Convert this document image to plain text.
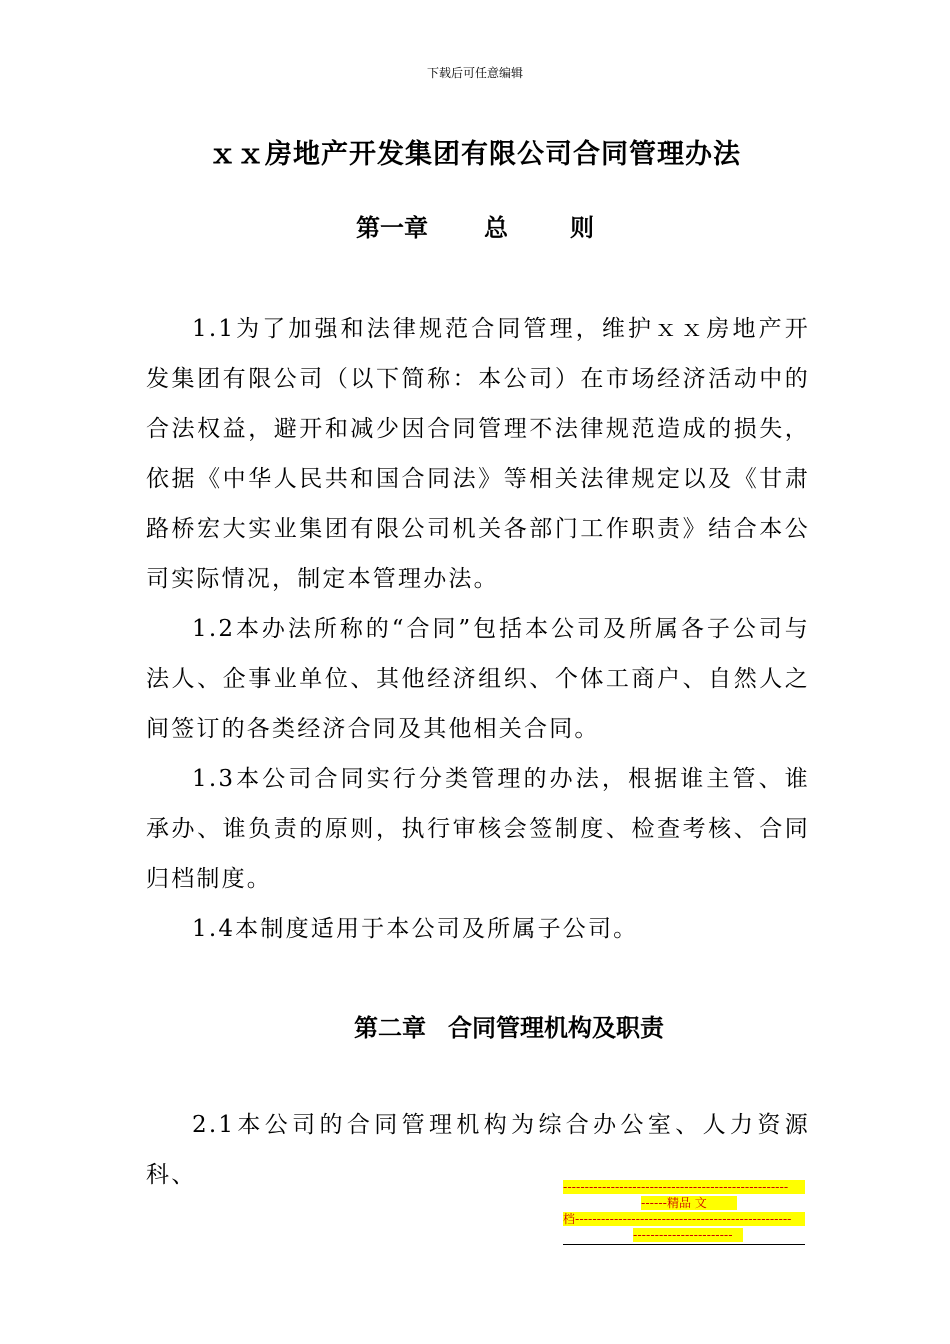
下载后可任意编辑
ｘｘ房地产开发集团有限公司合同管理办法
第一章 总	则

1.1为了加强和法律规范合同管理，维护ｘｘ房地产开发集团有限公司（以下简称：本公司）在市场经济活动中的合法权益，避开和减少因合同管理不法律规范造成的损失，依据《中华人民共和国合同法》等相关法律规定以及《甘肃路桥宏大实业集团有限公司机关各部门工作职责》结合本公司实际情况，制定本管理办法。

1.2本办法所称的“合同”包括本公司及所属各子公司与法人、企事业单位、其他经济组织、个体工商户、自然人之间签订的各类经济合同及其他相关合同。

1.3本公司合同实行分类管理的办法，根据谁主管、谁承办、谁负责的原则，执行审核会签制度、检查考核、合同归档制度。

1.4本制度适用于本公司及所属子公司。

第二章 合同管理机构及职责

2.1本公司的合同管理机构为综合办公室、人力资源科、	----------------------------------------------------
------精品 文
档--------------------------------------------------
-----------------------
